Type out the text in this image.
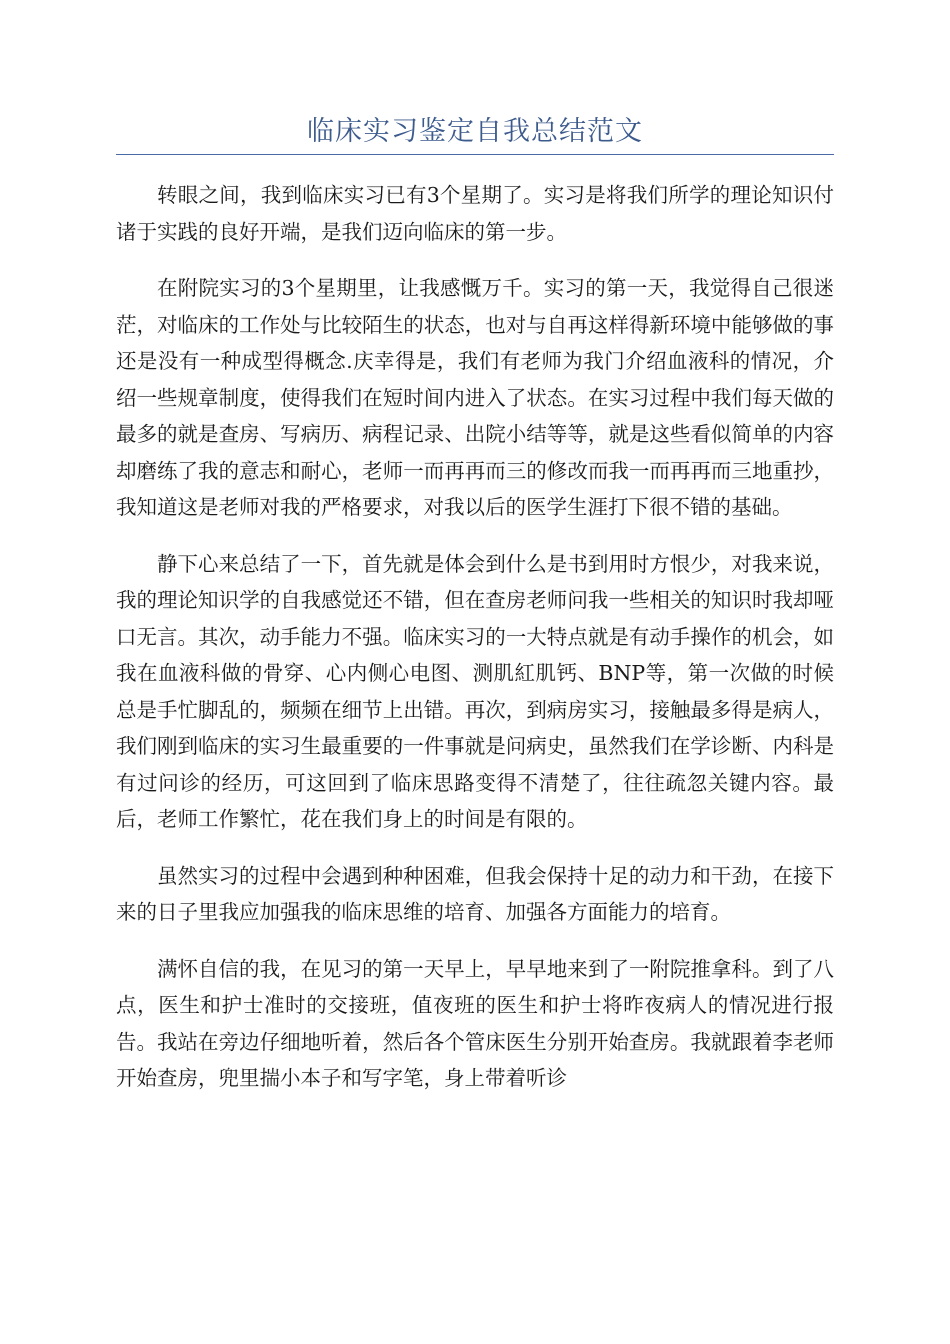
临床实习鉴定自我总结范文

转眼之间，我到临床实习已有3个星期了。实习是将我们所学的理论知识付诸于实践的良好开端，是我们迈向临床的第一步。

在附院实习的3个星期里，让我感慨万千。实习的第一天，我觉得自己很迷茫，对临床的工作处与比较陌生的状态，也对与自再这样得新环境中能够做的事还是没有一种成型得概念.庆幸得是，我们有老师为我门介绍血液科的情况，介绍一些规章制度，使得我们在短时间内进入了状态。在实习过程中我们每天做的最多的就是查房、写病历、病程记录、出院小结等等，就是这些看似简单的内容却磨练了我的意志和耐心，老师一而再再而三的修改而我一而再再而三地重抄，我知道这是老师对我的严格要求，对我以后的医学生涯打下很不错的基础。

静下心来总结了一下，首先就是体会到什么是书到用时方恨少，对我来说，我的理论知识学的自我感觉还不错，但在查房老师问我一些相关的知识时我却哑口无言。其次，动手能力不强。临床实习的一大特点就是有动手操作的机会，如我在血液科做的骨穿、心内侧心电图、测肌紅肌钙、BNP等，第一次做的时候总是手忙脚乱的，频频在细节上出错。再次，到病房实习，接触最多得是病人，我们刚到临床的实习生最重要的一件事就是问病史，虽然我们在学诊断、内科是有过问诊的经历，可这回到了临床思路变得不清楚了，往往疏忽关键内容。最后，老师工作繁忙，花在我们身上的时间是有限的。

虽然实习的过程中会遇到种种困难，但我会保持十足的动力和干劲，在接下来的日子里我应加强我的临床思维的培育、加强各方面能力的培育。

满怀自信的我，在见习的第一天早上，早早地来到了一附院推拿科。到了八点，医生和护士准时的交接班，值夜班的医生和护士将昨夜病人的情况进行报告。我站在旁边仔细地听着，然后各个管床医生分别开始查房。我就跟着李老师开始查房，兜里揣小本子和写字笔，身上带着听诊
